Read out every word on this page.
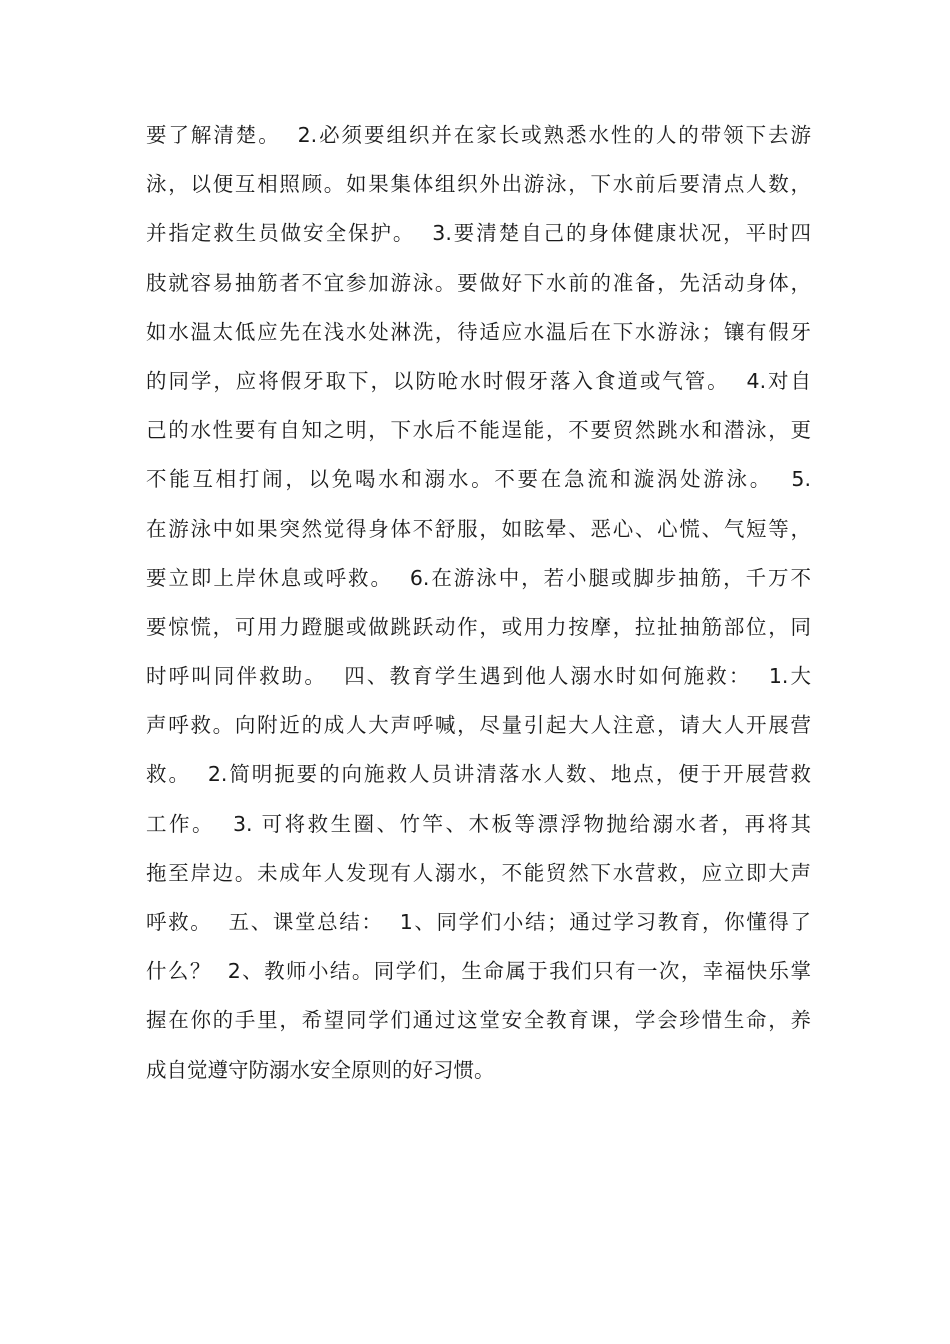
要了解清楚。  2.必须要组织并在家长或熟悉水性的人的带领下去游
泳，以便互相照顾。如果集体组织外出游泳，下水前后要清点人数，
并指定救生员做安全保护。  3.要清楚自己的身体健康状况，平时四
肢就容易抽筋者不宜参加游泳。要做好下水前的准备，先活动身体，
如水温太低应先在浅水处淋洗，待适应水温后在下水游泳；镶有假牙
的同学，应将假牙取下，以防呛水时假牙落入食道或气管。  4.对自
己的水性要有自知之明，下水后不能逞能，不要贸然跳水和潜泳，更
不能互相打闹，以免喝水和溺水。不要在急流和漩涡处游泳。  5.
在游泳中如果突然觉得身体不舒服，如眩晕、恶心、心慌、气短等，
要立即上岸休息或呼救。  6.在游泳中，若小腿或脚步抽筋，千万不
要惊慌，可用力蹬腿或做跳跃动作，或用力按摩，拉扯抽筋部位，同
时呼叫同伴救助。  四、教育学生遇到他人溺水时如何施救：  1.大
声呼救。向附近的成人大声呼喊，尽量引起大人注意，请大人开展营
救。  2.简明扼要的向施救人员讲清落水人数、地点，便于开展营救
工作。  3. 可将救生圈、竹竿、木板等漂浮物抛给溺水者，再将其
拖至岸边。未成年人发现有人溺水，不能贸然下水营救，应立即大声
呼救。  五、课堂总结：  1、同学们小结；通过学习教育，你懂得了
什么？  2、教师小结。同学们，生命属于我们只有一次，幸福快乐掌
握在你的手里，希望同学们通过这堂安全教育课，学会珍惜生命，养
成自觉遵守防溺水安全原则的好习惯。
